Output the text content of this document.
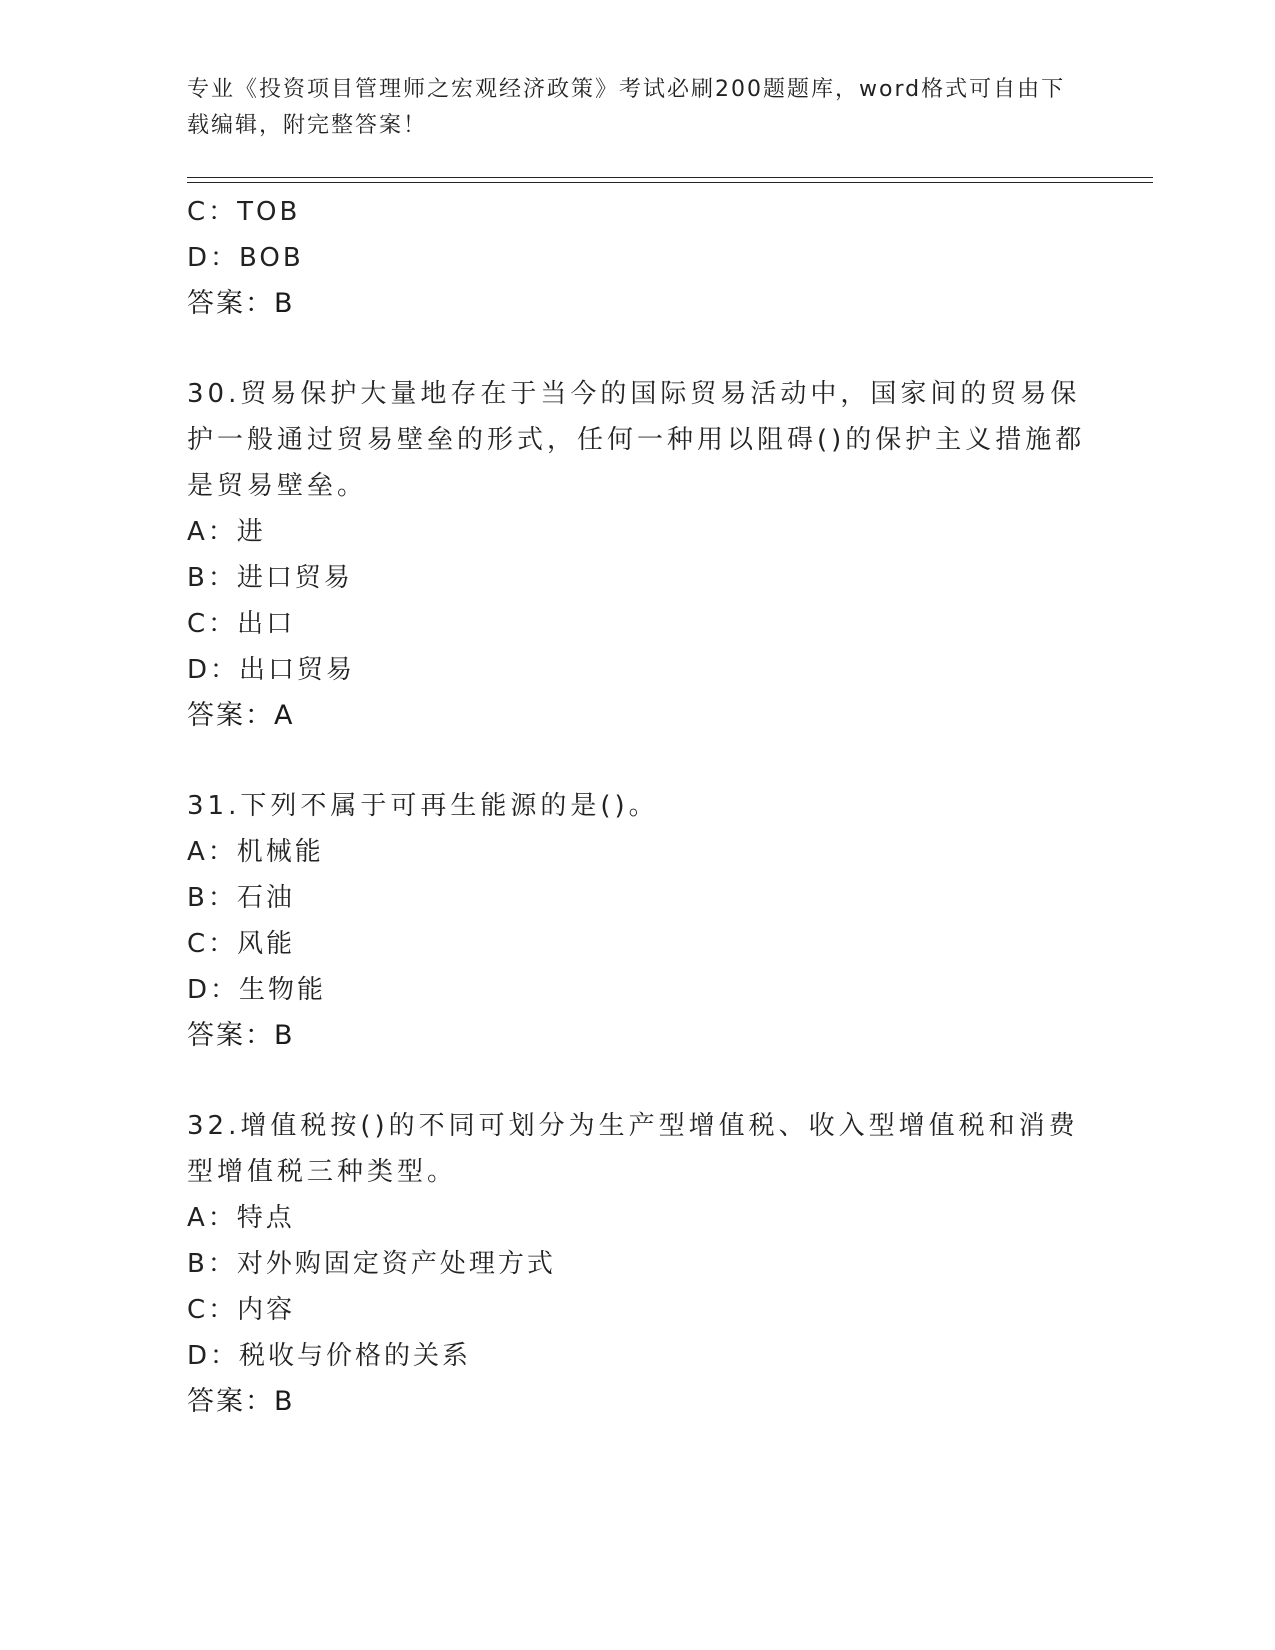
专业《投资项目管理师之宏观经济政策》考试必刷200题题库，word格式可自由下载编辑，附完整答案！
C：TOB
D：BOB
答案：B
30.贸易保护大量地存在于当今的国际贸易活动中，国家间的贸易保护一般通过贸易壁垒的形式，任何一种用以阻碍()的保护主义措施都是贸易壁垒。
A：进
B：进口贸易
C：出口
D：出口贸易
答案：A
31.下列不属于可再生能源的是()。
A：机械能
B：石油
C：风能
D：生物能
答案：B
32.增值税按()的不同可划分为生产型增值税、收入型增值税和消费型增值税三种类型。
A：特点
B：对外购固定资产处理方式
C：内容
D：税收与价格的关系
答案：B
